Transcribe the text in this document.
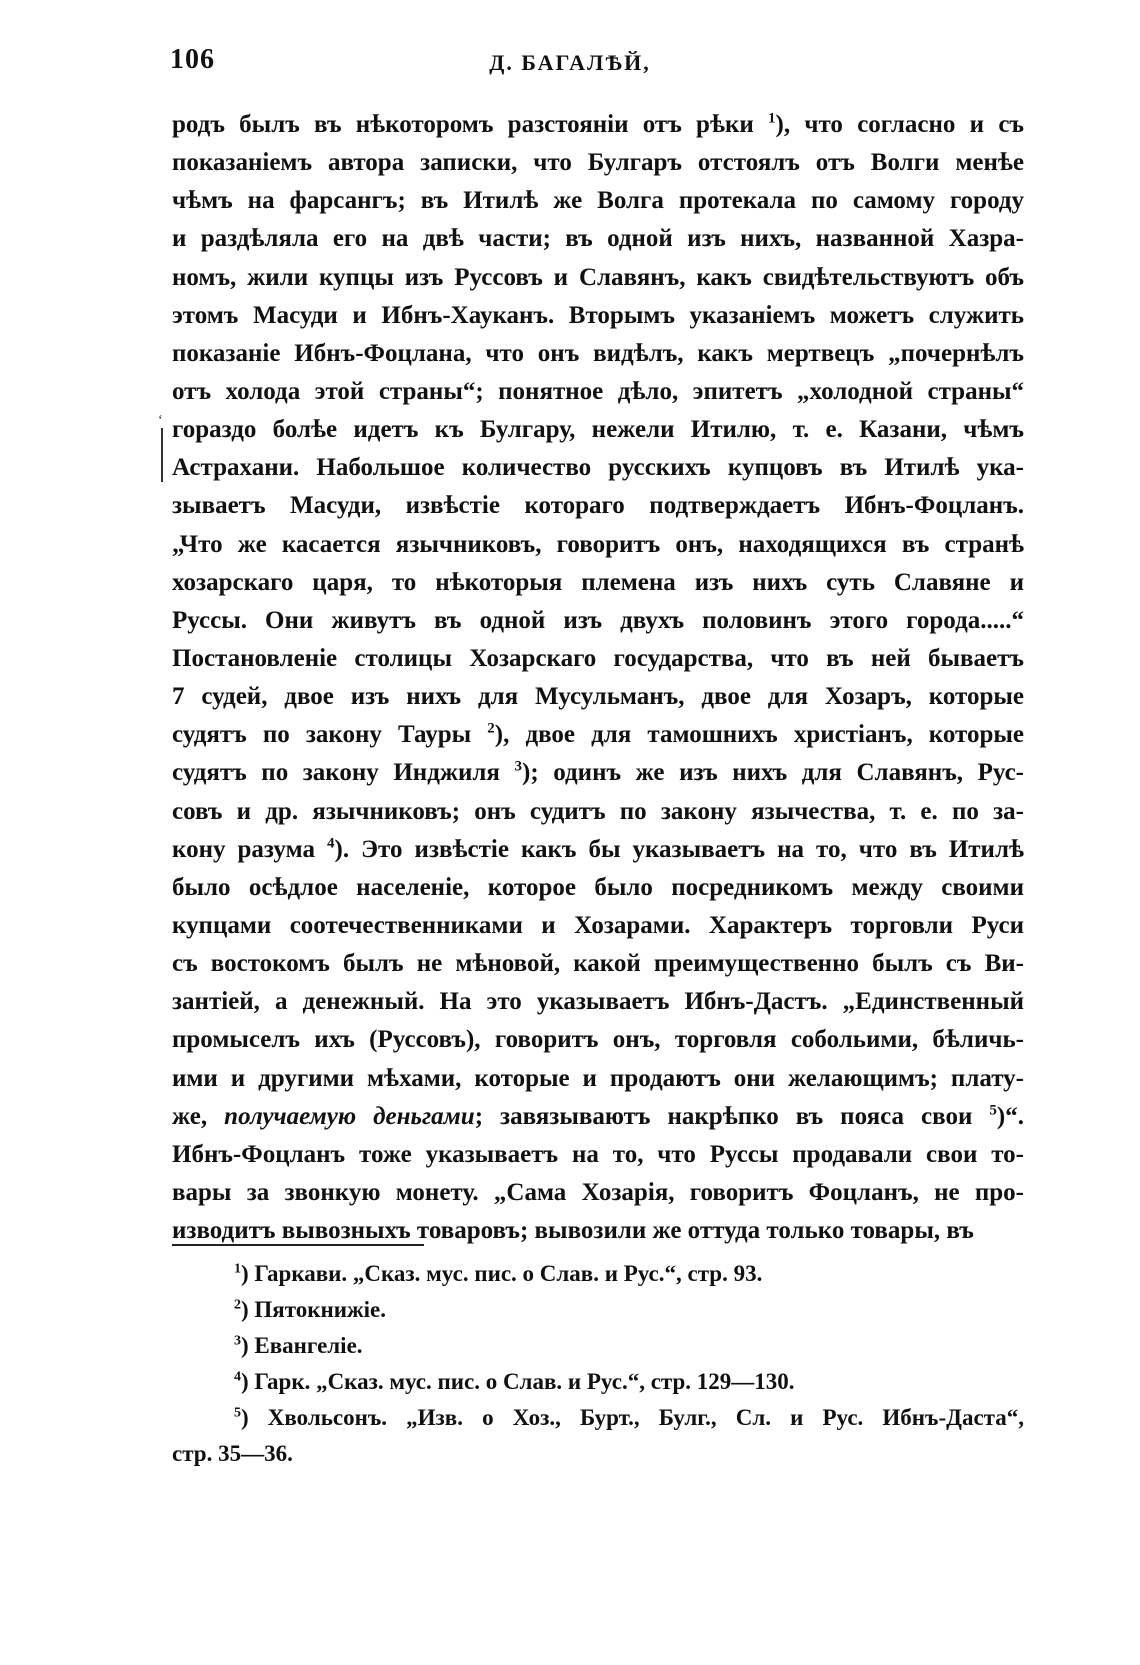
106	Д. БАГАЛѢЙ,
‘
родъ былъ въ нѣкоторомъ разстояніи отъ рѣки $^1$), что согласно и съ
показаніемъ автора записки, что Булгаръ отстоялъ отъ Волги менѣе
чѣмъ на фарсангъ; въ Итилѣ же Волга протекала по самому городу
и раздѣляла его на двѣ части; въ одной изъ нихъ, названной Хазра-
номъ, жили купцы изъ Руссовъ и Славянъ, какъ свидѣтельствуютъ объ
этомъ Масуди и Ибнъ-Хауканъ. Вторымъ указаніемъ можетъ служить
показаніе Ибнъ-Фоцлана, что онъ видѣлъ, какъ мертвецъ „почернѣлъ
отъ холода этой страны“; понятное дѣло, эпитетъ „холодной страны“
гораздо болѣе идетъ къ Булгару, нежели Итилю, т. е. Казани, чѣмъ
Астрахани. Набольшое количество русскихъ купцовъ въ Итилѣ ука-
зываетъ Масуди, извѣстіе котораго подтверждаетъ Ибнъ-Фоцланъ.
„Что же касается язычниковъ, говоритъ онъ, находящихся въ странѣ
хозарскаго царя, то нѣкоторыя племена изъ нихъ суть Славяне и
Руссы. Они живутъ въ одной изъ двухъ половинъ этого города.....“
Постановленіе столицы Хозарскаго государства, что въ ней бываетъ
7 судей, двое изъ нихъ для Мусульманъ, двое для Хозаръ, которые
судятъ по закону Тауры $^2$), двое для тамошнихъ христіанъ, которые
судятъ по закону Инджиля $^3$); одинъ же изъ нихъ для Славянъ, Рус-
совъ и др. язычниковъ; онъ судитъ по закону язычества, т. е. по за-
кону разума $^4$). Это извѣстіе какъ бы указываетъ на то, что въ Итилѣ
было осѣдлое населеніе, которое было посредникомъ между своими
купцами соотечественниками и Хозарами. Характеръ торговли Руси
съ востокомъ былъ не мѣновой, какой преимущественно былъ съ Ви-
зантіей, а денежный. На это указываетъ Ибнъ-Дастъ. „Единственный
промыселъ ихъ (Руссовъ), говоритъ онъ, торговля собольими, бѣличь-
ими и другими мѣхами, которые и продаютъ они желающимъ; плату-
же, получаемую деньгами; завязываютъ накрѣпко въ пояса свои $^5$)“.
Ибнъ-Фоцланъ тоже указываетъ на то, что Руссы продавали свои то-
вары за звонкую монету. „Сама Хозарія, говоритъ Фоцланъ, не про-
изводитъ вывозныхъ товаровъ; вывозили же оттуда только товары, въ
$^1$) Гаркави. „Сказ. мус. пис. о Слав. и Рус.“, стр. 93.
$^2$) Пятокнижіе.
$^3$) Евангеліе.
$^4$) Гарк. „Сказ. мус. пис. о Слав. и Рус.“, стр. 129—130.
$^5$) Хвольсонъ. „Изв. о Хоз., Бурт., Булг., Сл. и Рус. Ибнъ-Даста“,
стр. 35—36.
